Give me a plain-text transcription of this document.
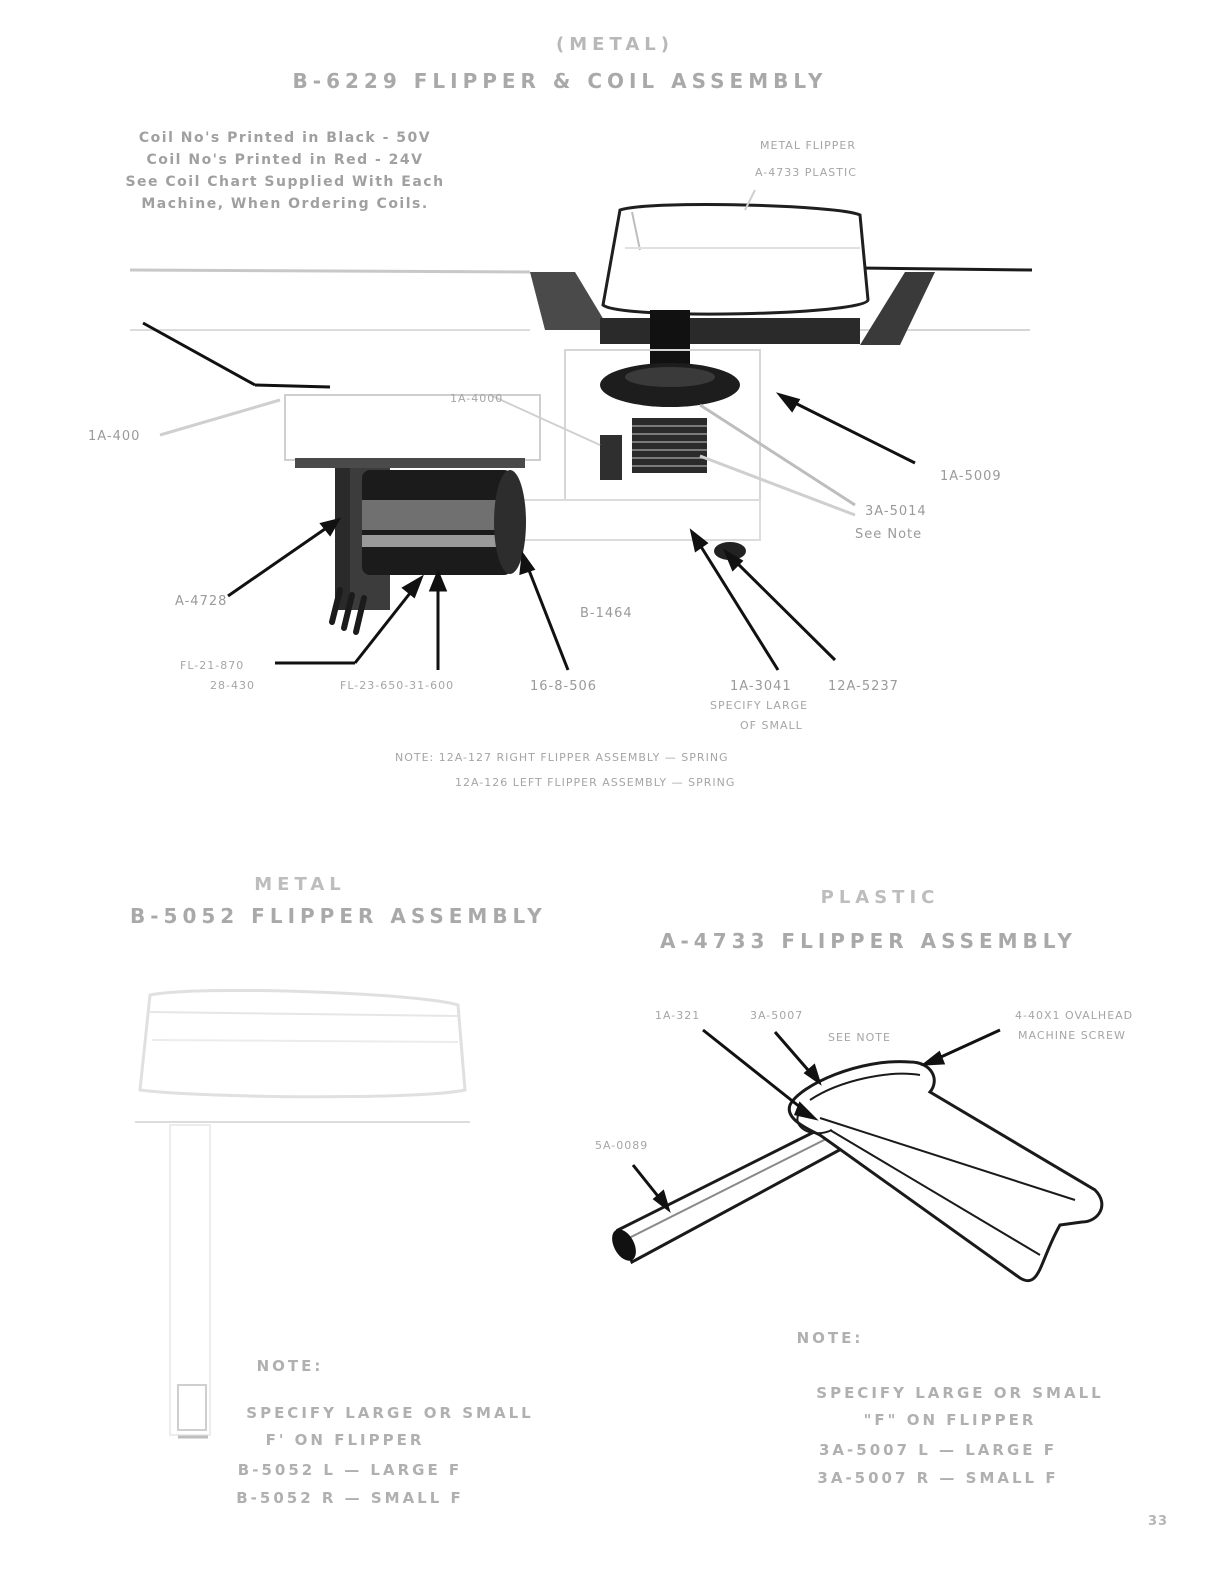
(METAL)
B-6229 FLIPPER & COIL ASSEMBLY
Coil No's Printed in Black - 50V
Coil No's Printed in Red - 24V
See Coil Chart Supplied With Each
Machine, When Ordering Coils.
METAL FLIPPER
A-4733 PLASTIC
1A-400
1A-4000
1A-5009
3A-5014
See Note
A-4728
B-1464
FL-21-870
28-430	FL-23-650-31-600	16-8-506	1A-3041
SPECIFY LARGE
OF SMALL
12A-5237
NOTE: 12A-127 RIGHT FLIPPER ASSEMBLY — SPRING
12A-126 LEFT FLIPPER ASSEMBLY — SPRING
METAL
B-5052 FLIPPER ASSEMBLY
NOTE:
SPECIFY LARGE OR SMALL
F' ON FLIPPER
B-5052 L — LARGE F
B-5052 R — SMALL F
PLASTIC
A-4733 FLIPPER ASSEMBLY
1A-321	3A-5007
SEE NOTE
4-40X1 OVALHEAD
MACHINE SCREW
5A-0089
NOTE:
SPECIFY LARGE OR SMALL
"F" ON FLIPPER
3A-5007 L — LARGE F
3A-5007 R — SMALL F
33
